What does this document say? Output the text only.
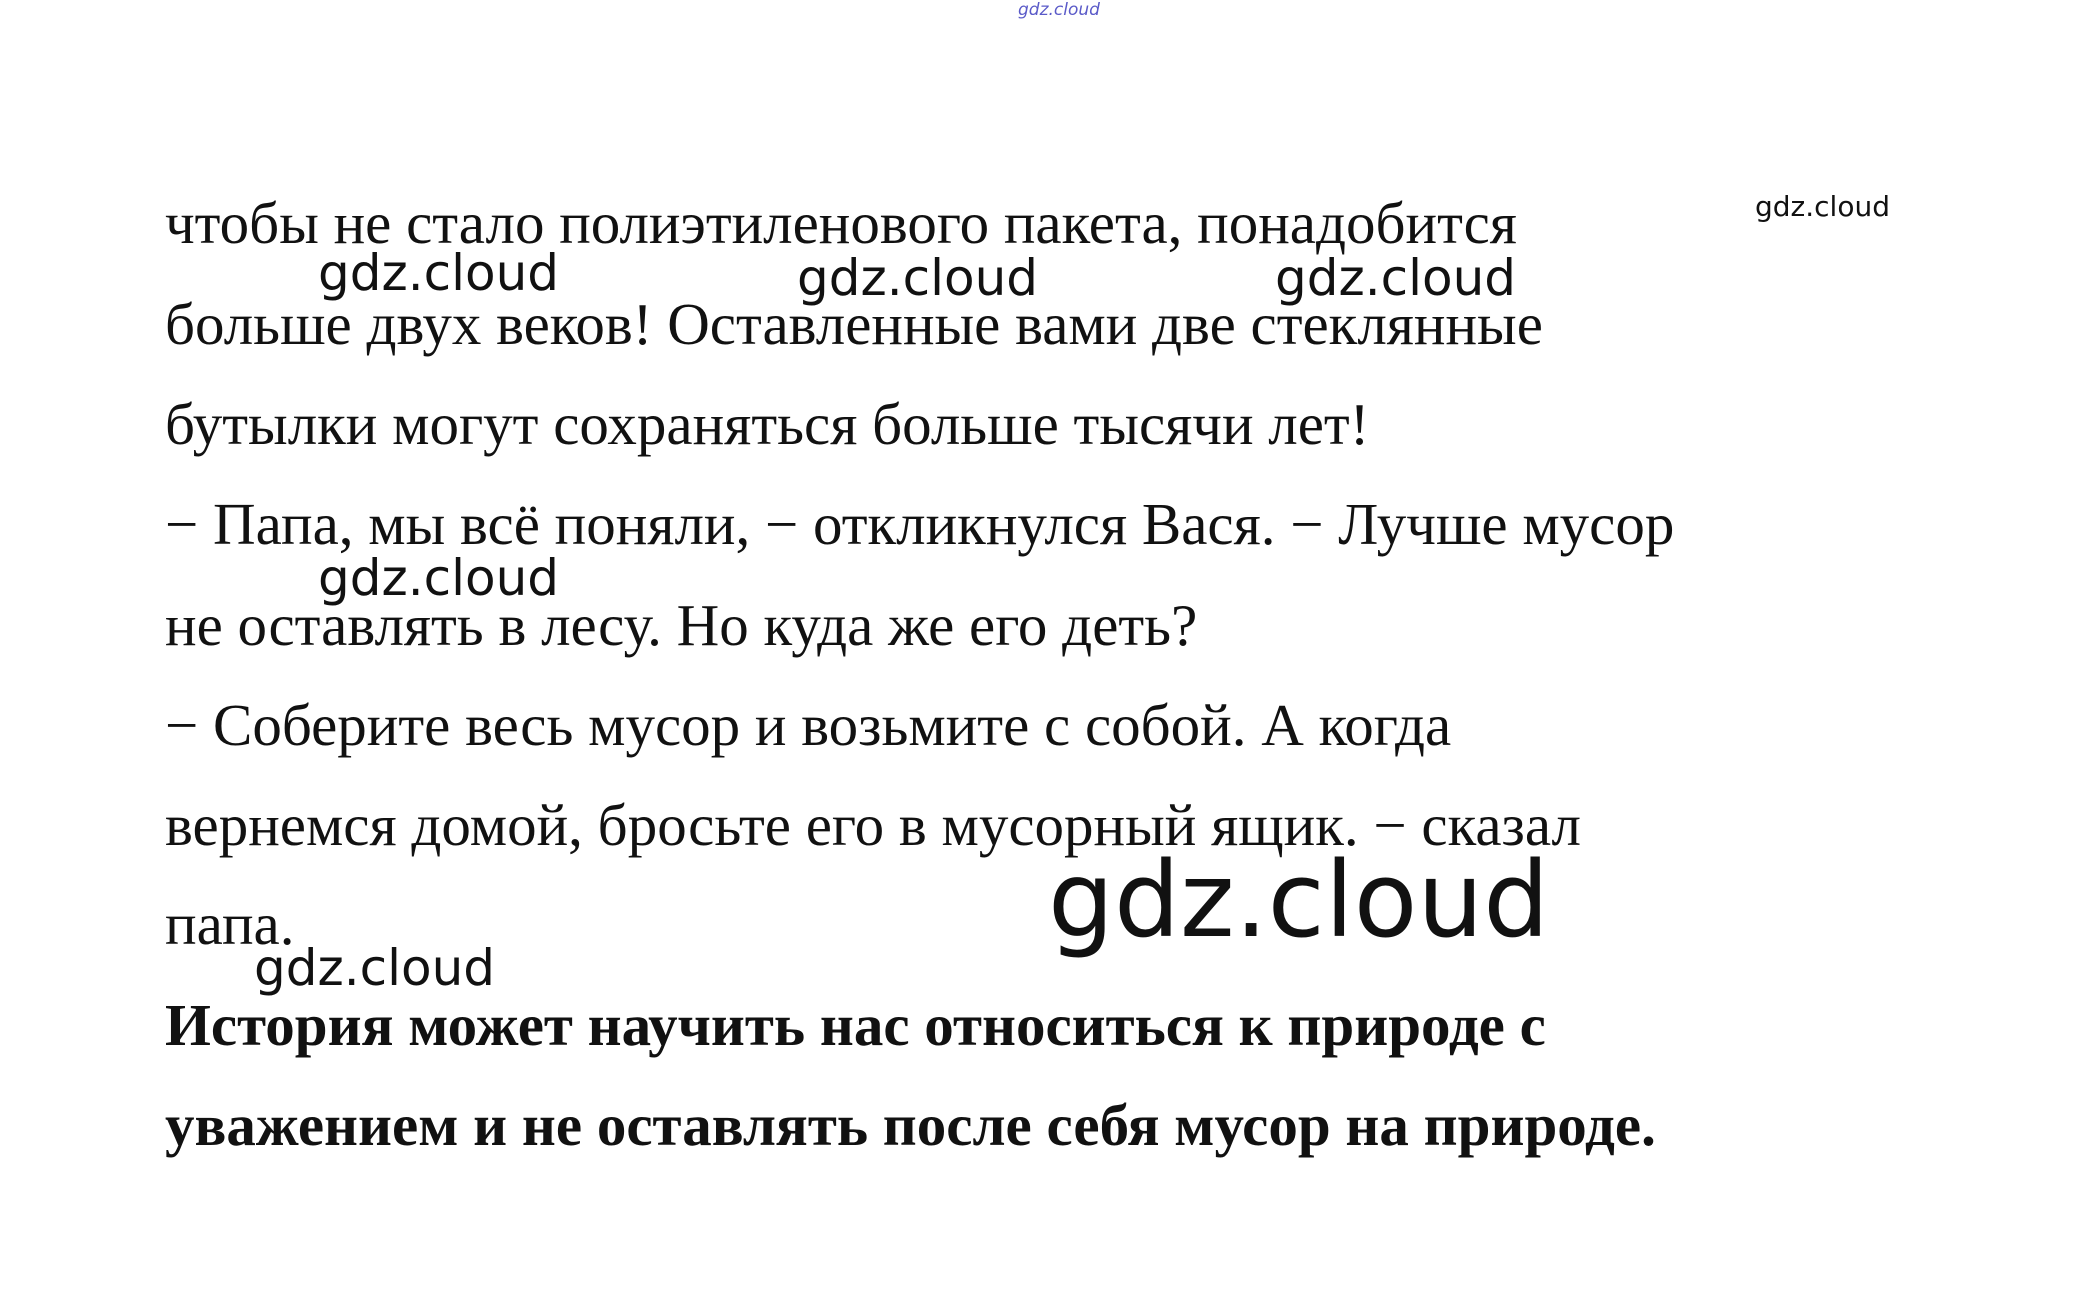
gdz.cloud
чтобы не стало полиэтиленового пакета, понадобится	gdz.cloud
gdz.cloud	gdz.cloud	gdz.cloud
больше двух веков! Оставленные вами две стеклянные
бутылки могут сохраняться больше тысячи лет!
− Папа, мы всё поняли, − откликнулся Вася. − Лучше мусор
gdz.cloud
не оставлять в лесу. Но куда же его деть?
− Соберите весь мусор и возьмите с собой. А когда
вернемся домой, бросьте его в мусорный ящик. − сказал
gdz.cloud
папа.
gdz.cloud
История может научить нас относиться к природе с
уважением и не оставлять после себя мусор на природе.
